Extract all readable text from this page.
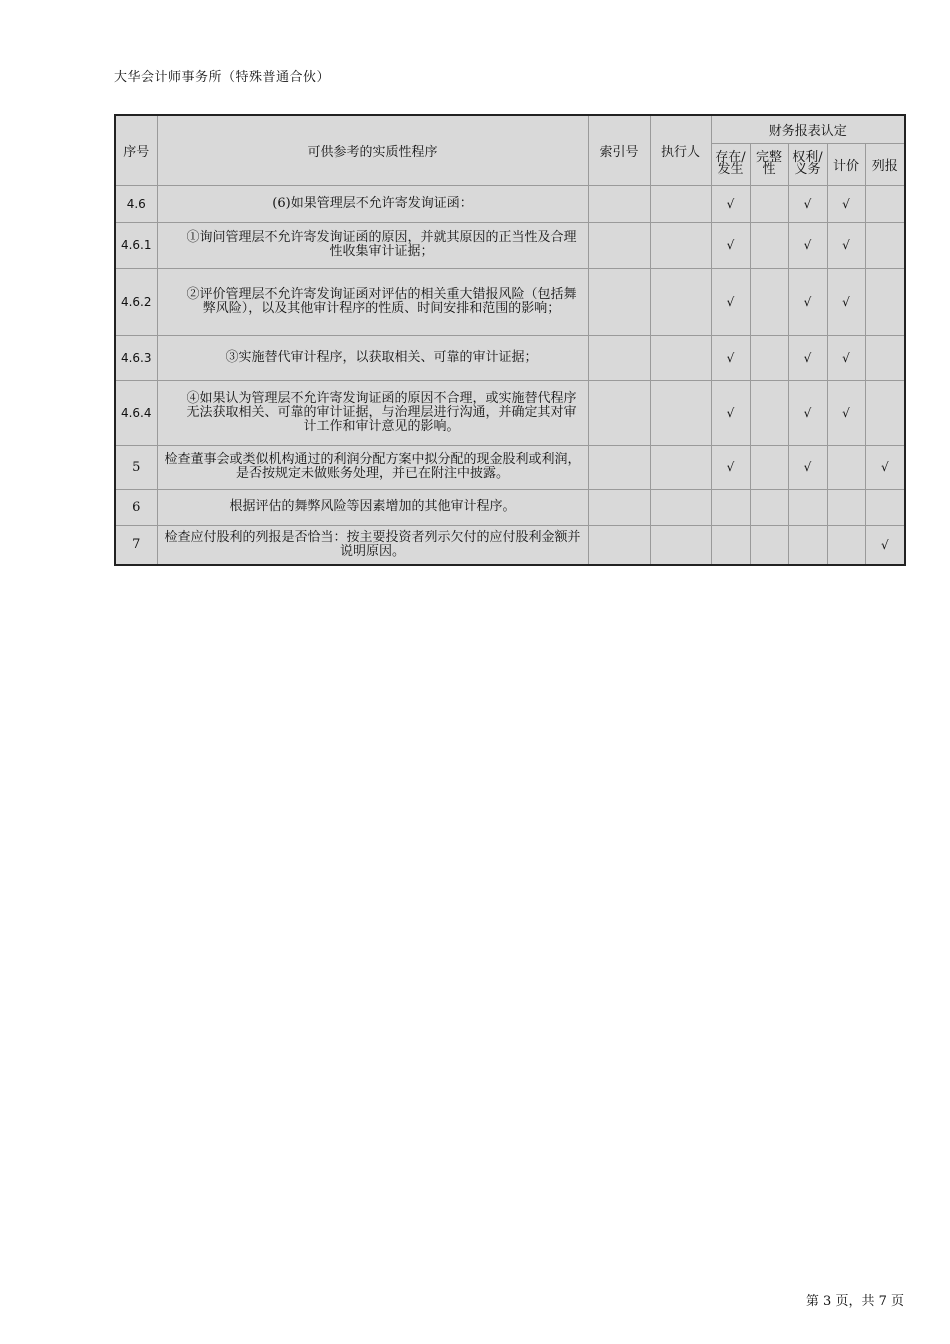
大华会计师事务所（特殊普通合伙）
序号	可供参考的实质性程序	索引号	执行人	财务报表认定				
				存在/发生	完整性	权利/义务	计价	列报
4.6	(6)如果管理层不允许寄发询证函：			√		√	√	
4.6.1	①询问管理层不允许寄发询证函的原因，并就其原因的正当性及合理性收集审计证据；			√		√	√	
4.6.2	②评价管理层不允许寄发询证函对评估的相关重大错报风险（包括舞弊风险），以及其他审计程序的性质、时间安排和范围的影响；			√		√	√	
4.6.3	③实施替代审计程序，以获取相关、可靠的审计证据；			√		√	√	
4.6.4	④如果认为管理层不允许寄发询证函的原因不合理，或实施替代程序无法获取相关、可靠的审计证据，与治理层进行沟通，并确定其对审计工作和审计意见的影响。			√		√	√	
5	检查董事会或类似机构通过的利润分配方案中拟分配的现金股利或利润，是否按规定未做账务处理，并已在附注中披露。			√		√		√
6	根据评估的舞弊风险等因素增加的其他审计程序。							

7	检查应付股利的列报是否恰当：按主要投资者列示欠付的应付股利金额并说明原因。							√
第 3 页，共 7 页
